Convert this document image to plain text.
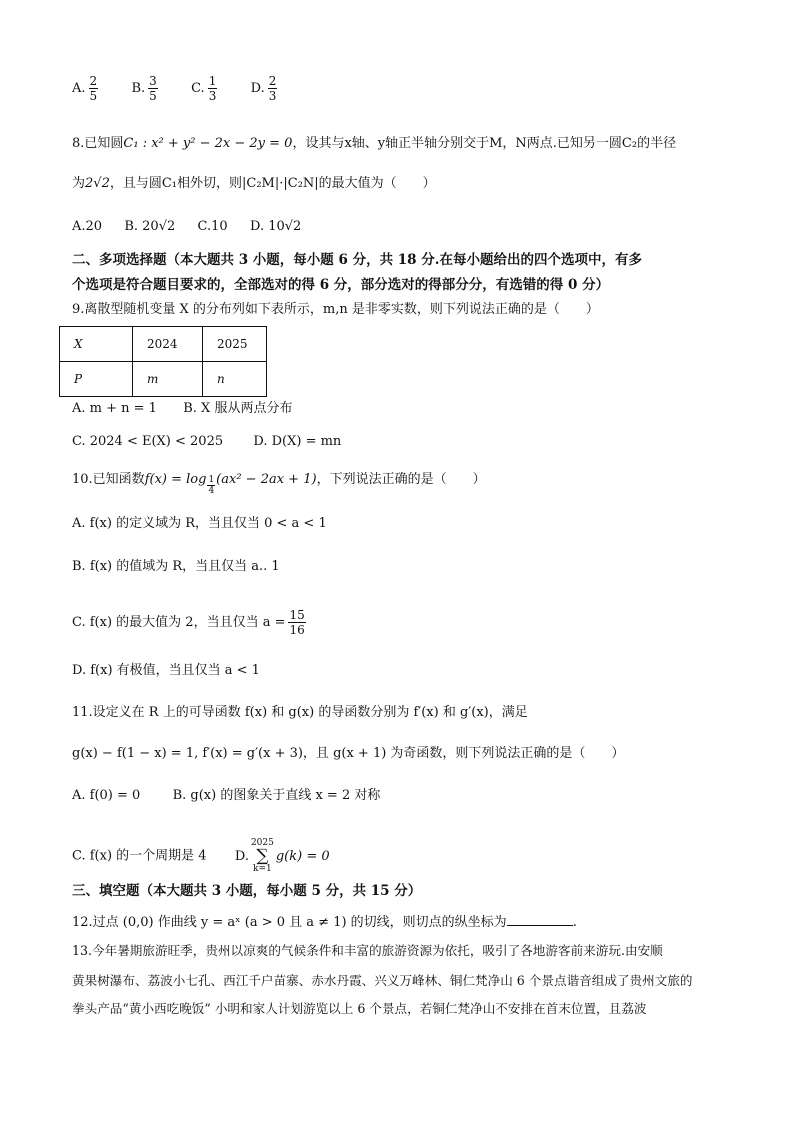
A. $\frac{2}{5}$	B. $\frac{3}{5}$	C. $\frac{1}{3}$	D. $\frac{2}{3}$
8.已知圆C₁ : x² + y² − 2x − 2y = 0，设其与x轴、y轴正半轴分别交于M，N两点.已知另一圆C₂的半径
为2√2，且与圆C₁相外切，则|C₂M|·|C₂N|的最大值为（　　）
A.20 B. 20√2 C.10 D. 10√2
二、多项选择题（本大题共 3 小题，每小题 6 分，共 18 分.在每小题给出的四个选项中，有多
个选项是符合题目要求的，全部选对的得 6 分，部分选对的得部分分，有选错的得 0 分）
9.离散型随机变量 X 的分布列如下表所示，m,n 是非零实数，则下列说法正确的是（　　）
X	2024	2025
P	m	n
A. m + n = 1 B. X 服从两点分布
C. 2024 < E(X) < 2025 D. D(X) = mn
10.已知函数$f(x) = \log \frac{1}{4} (ax^2 - 2ax + 1)$，下列说法正确的是（　　）
A. f(x) 的定义域为 R，当且仅当 0 < a < 1
B. f(x) 的值域为 R，当且仅当 a.. 1
C. f(x) 的最大值为 2，当且仅当 $a = \frac{15}{16}$
D. f(x) 有极值，当且仅当 a < 1
11.设定义在 R 上的可导函数 f(x) 和 g(x) 的导函数分别为 f′(x) 和 g′(x)，满足
g(x) − f(1 − x) = 1, f′(x) = g′(x + 3)，且 g(x + 1) 为奇函数，则下列说法正确的是（　　）
A. f(0) = 0 B. g(x) 的图象关于直线 x = 2 对称
C. f(x) 的一个周期是 4 D.2025
∑
k=1g(k) = 0
三、填空题（本大题共 3 小题，每小题 5 分，共 15 分）
12.过点 (0,0) 作曲线 y = aˣ (a > 0 且 a ≠ 1) 的切线，则切点的纵坐标为	.
13.今年暑期旅游旺季，贵州以凉爽的气候条件和丰富的旅游资源为依托，吸引了各地游客前来游玩.由安顺
黄果树瀑布、荔波小七孔、西江千户苗寨、赤水丹霞、兴义万峰林、铜仁梵净山 6 个景点谐音组成了贵州文旅的
拳头产品“黄小西吃晚饭” 小明和家人计划游览以上 6 个景点，若铜仁梵净山不安排在首末位置，且荔波
